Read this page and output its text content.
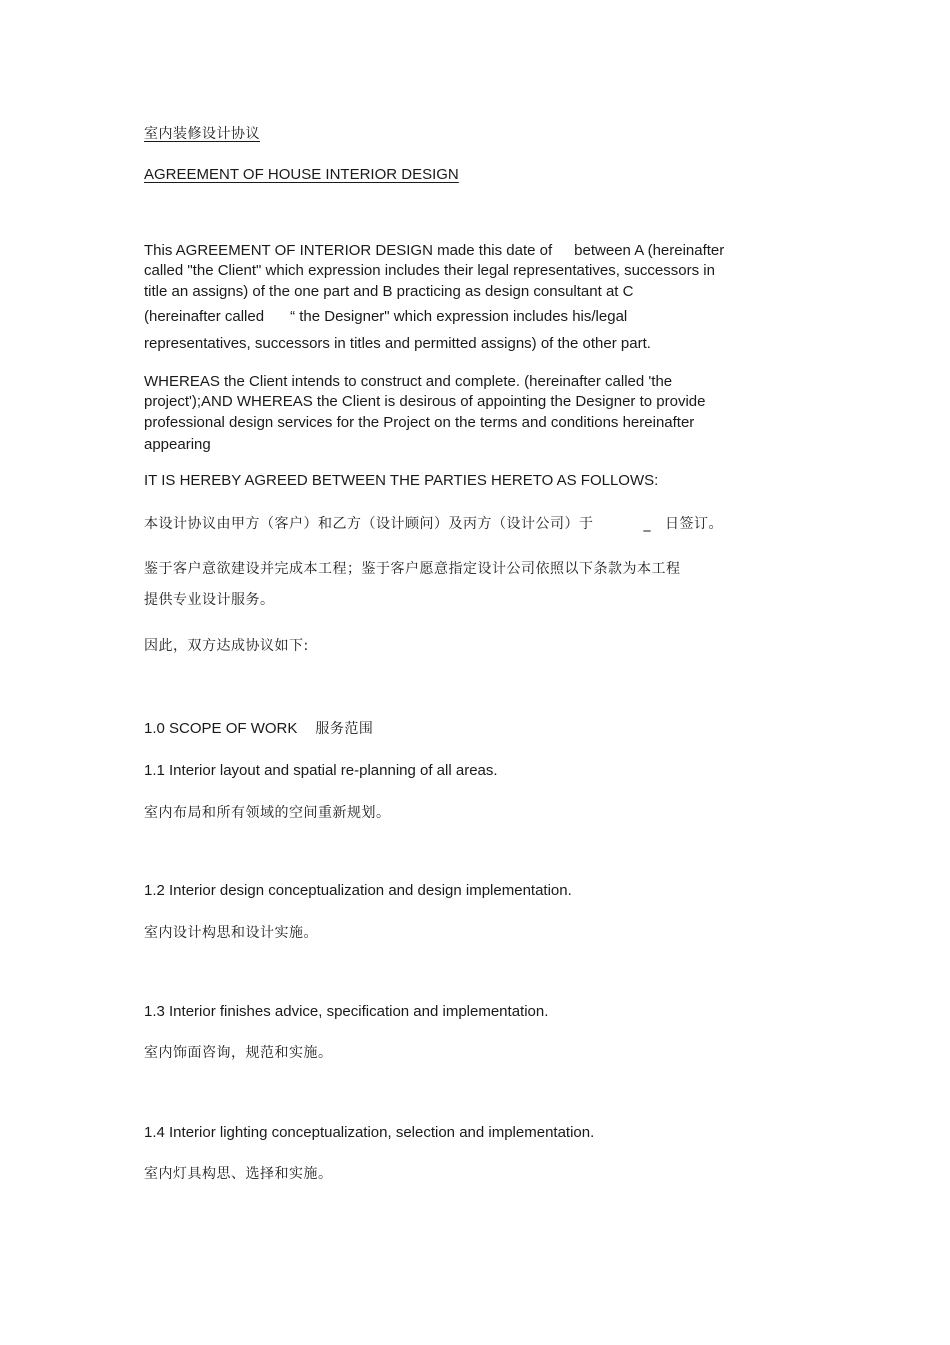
室内装修设计协议
AGREEMENT OF HOUSE INTERIOR DESIGN
This AGREEMENT OF INTERIOR DESIGN made this date of between A (hereinafter
called "the Client" which expression includes their legal representatives, successors in
title an assigns) of the one part and B practicing as design consultant at C
(hereinafter called “ the Designer" which expression includes his/legal
representatives, successors in titles and permitted assigns) of the other part.
WHEREAS the Client intends to construct and complete. (hereinafter called 'the
project');AND WHEREAS the Client is desirous of appointing the Designer to provide
professional design services for the Project on the terms and conditions hereinafter
appearing
IT IS HEREBY AGREED BETWEEN THE PARTIES HERETO AS FOLLOWS:
本设计协议由甲方（客户）和乙方（设计顾问）及丙方（设计公司）于	_ 日签订。
鉴于客户意欲建设并完成本工程；鉴于客户愿意指定设计公司依照以下条款为本工程
提供专业设计服务。
因此，双方达成协议如下:
1.0 SCOPE OF WORK 服务范围
1.1 Interior layout and spatial re-planning of all areas.
室内布局和所有领域的空间重新规划。
1.2 Interior design conceptualization and design implementation.
室内设计构思和设计实施。
1.3 Interior finishes advice, specification and implementation.
室内饰面咨询，规范和实施。
1.4 Interior lighting conceptualization, selection and implementation.
室内灯具构思、选择和实施。
